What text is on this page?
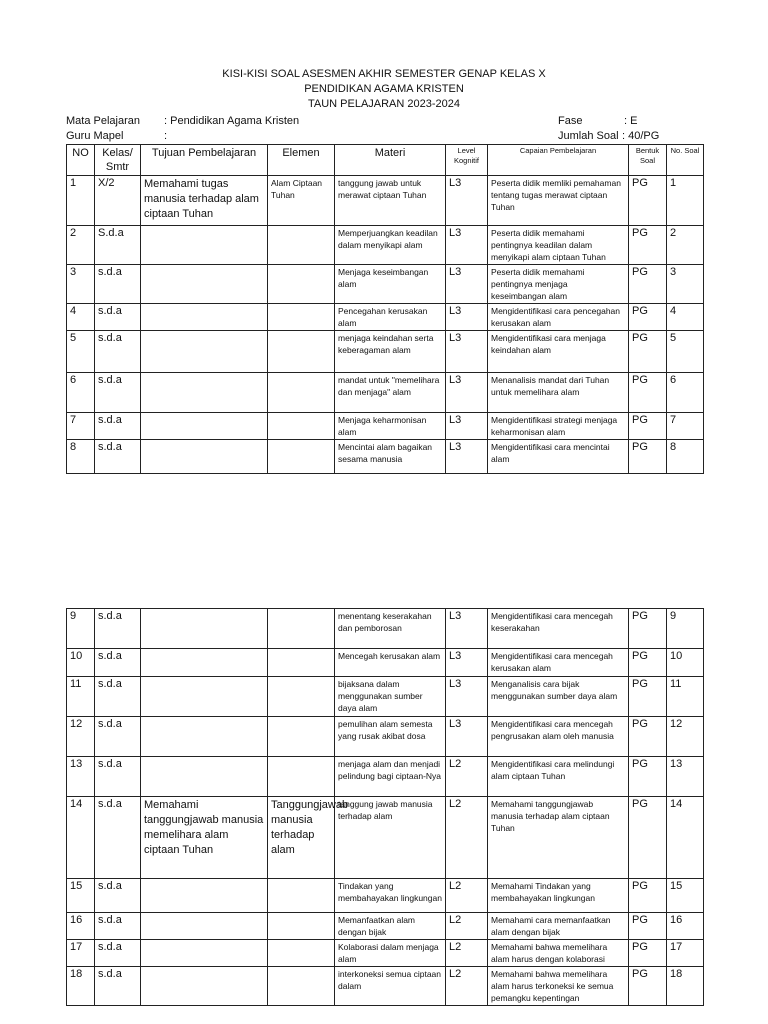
KISI-KISI SOAL ASESMEN AKHIR SEMESTER GENAP KELAS X
PENDIDIKAN AGAMA KRISTEN
TAUN PELAJARAN 2023-2024
Mata Pelajaran : Pendidikan Agama Kristen
Guru Mapel	:
Fase	: E
Jumlah Soal : 40/PG
NO	Kelas/ Smtr	Tujuan Pembelajaran	Elemen	Materi	Level Kognitif	Capaian Pembelajaran	Bentuk Soal	No. Soal
1	X/2	Memahami tugas manusia terhadap alam ciptaan Tuhan	Alam Ciptaan Tuhan	tanggung jawab untuk merawat ciptaan Tuhan	L3	Peserta didik memliki pemahaman tentang tugas merawat ciptaan Tuhan	PG	1
2	S.d.a			Memperjuangkan keadilan dalam menyikapi alam	L3	Peserta didik memahami pentingnya keadilan dalam menyikapi alam ciptaan Tuhan	PG	2
3	s.d.a			Menjaga keseimbangan alam	L3	Peserta didik memahami pentingnya menjaga keseimbangan alam	PG	3
4	s.d.a			Pencegahan kerusakan alam	L3	Mengidentifikasi cara pencegahan kerusakan alam	PG	4
5	s.d.a			menjaga keindahan serta keberagaman alam	L3	Mengidentifikasi cara menjaga keindahan alam	PG	5
6	s.d.a			mandat untuk "memelihara dan menjaga" alam	L3	Menanalisis mandat dari Tuhan untuk memelihara alam	PG	6
7	s.d.a			Menjaga keharmonisan alam	L3	Mengidentifikasi strategi menjaga keharmonisan alam	PG	7
8	s.d.a			Mencintai alam bagaikan sesama manusia	L3	Mengidentifikasi cara mencintai alam	PG	8
9	s.d.a			menentang keserakahan dan pemborosan	L3	Mengidentifikasi cara mencegah keserakahan	PG	9
10	s.d.a			Mencegah kerusakan alam	L3	Mengidentifikasi cara mencegah kerusakan alam	PG	10
11	s.d.a			bijaksana dalam menggunakan sumber daya alam	L3	Menganalisis cara bijak menggunakan sumber daya alam	PG	11
12	s.d.a			pemulihan alam semesta yang rusak akibat dosa	L3	Mengidentifikasi cara mencegah pengrusakan alam oleh manusia	PG	12
13	s.d.a			menjaga alam dan menjadi pelindung bagi ciptaan-Nya	L2	Mengidentifikasi cara melindungi alam ciptaan Tuhan	PG	13
14	s.d.a	Memahami tanggungjawab manusia memelihara alam ciptaan Tuhan	Tanggungjawab manusia terhadap alam	tanggung jawab manusia terhadap alam	L2	Memahami tanggungjawab manusia terhadap alam ciptaan Tuhan	PG	14
15	s.d.a			Tindakan yang membahayakan lingkungan	L2	Memahami Tindakan yang membahayakan lingkungan	PG	15
16	s.d.a			Memanfaatkan alam dengan bijak	L2	Memahami cara memanfaatkan alam dengan bijak	PG	16
17	s.d.a			Kolaborasi dalam menjaga alam	L2	Memahami bahwa memelihara alam harus dengan kolaborasi	PG	17
18	s.d.a			interkoneksi semua ciptaan dalam	L2	Memahami bahwa memelihara alam harus terkoneksi ke semua pemangku kepentingan	PG	18
